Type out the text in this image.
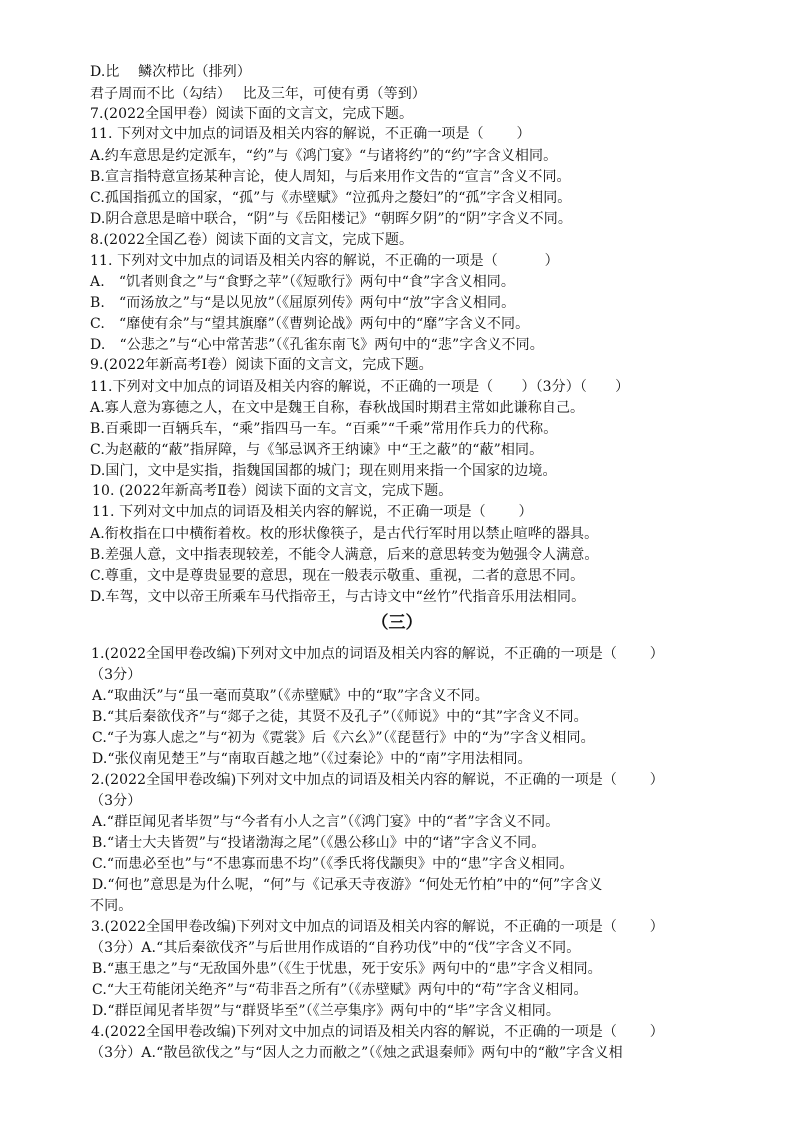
D.比　 鳞次栉比（排列）
君子周而不比（勾结）　 比及三年，可使有勇（等到）
7.(2022全国甲卷）阅读下面的文言文，完成下题。
11. 下列对文中加点的词语及相关内容的解说，不正确一项是（　　 ）
A.约车意思是约定派车，“约”与《鸿门宴》“与诸将约”的“约”字含义相同。
B.宣言指特意宣扬某种言论，使人周知，与后来用作文告的“宣言”含义不同。
C.孤国指孤立的国家，“孤”与《赤壁赋》“泣孤舟之嫠妇”的“孤”字含义相同。
D.阴合意思是暗中联合，“阴”与《岳阳楼记》“朝晖夕阴”的“阴”字含义不同。
8.(2022全国乙卷）阅读下面的文言文，完成下题。
11. 下列对文中加点的词语及相关内容的解说，不正确的一项是（　　　 ）
A.　“饥者则食之”与“食野之苹”（《短歌行》两句中“食”字含义相同。
B.　“而汤放之”与“是以见放”（《屈原列传》两句中“放”字含义相同。
C.　“靡使有余”与“望其旗靡”（《曹刿论战》两句中的“靡”字含义不同。
D.　“公悲之”与“心中常苦悲”（《孔雀东南飞》两句中的“悲”字含义不同。
9.(2022年新高考Ⅰ卷）阅读下面的文言文，完成下题。
11.下列对文中加点的词语及相关内容的解说，不正确的一项是（　　）（3分）（　　）
A.寡人意为寡德之人，在文中是魏王自称，春秋战国时期君主常如此谦称自己。
B.百乘即一百辆兵车，“乘”指四马一车。“百乘”“千乘”常用作兵力的代称。
C.为赵蔽的“蔽”指屏障，与《邹忌讽齐王纳谏》中“王之蔽”的“蔽”相同。
D.国门，文中是实指，指魏国国都的城门；现在则用来指一个国家的边境。
10. (2022年新高考Ⅱ卷）阅读下面的文言文，完成下题。
11. 下列对文中加点的词语及相关内容的解说，不正确一项是（　　 ）
A.衔枚指在口中横衔着枚。枚的形状像筷子，是古代行军时用以禁止喧哗的器具。
B.差强人意，文中指表现较差，不能令人满意，后来的意思转变为勉强令人满意。
C.尊重，文中是尊贵显要的意思，现在一般表示敬重、重视，二者的意思不同。
D.车驾，文中以帝王所乘车马代指帝王，与古诗文中“丝竹”代指音乐用法相同。
（三）
1.(2022全国甲卷改编)下列对文中加点的词语及相关内容的解说，不正确的一项是（　　 ）
（3分）
A.“取曲沃”与“虽一毫而莫取”（《赤壁赋》中的“取”字含义不同。
B.“其后秦欲伐齐”与“郯子之徒，其贤不及孔子”（《师说》中的“其”字含义不同。
C.“子为寡人虑之”与“初为《霓裳》后《六幺》”（《琵琶行》中的“为”字含义相同。
D.“张仪南见楚王”与“南取百越之地”（《过秦论》中的“南”字用法相同。
2.(2022全国甲卷改编)下列对文中加点的词语及相关内容的解说，不正确的一项是（　　 ）
（3分）
A.“群臣闻见者毕贺”与“今者有小人之言”（《鸿门宴》中的“者”字含义不同。
B.“诸士大夫皆贺”与“投诸渤海之尾”（《愚公移山》中的“诸”字含义不同。
C.“而患必至也”与“不患寡而患不均”（《季氏将伐颛臾》中的“患”字含义相同。
D.“何也”意思是为什么呢，“何”与《记承天寺夜游》“何处无竹柏”中的“何”字含义
不同。
3.(2022全国甲卷改编)下列对文中加点的词语及相关内容的解说，不正确的一项是（　　 ）
（3分）A.“其后秦欲伐齐”与后世用作成语的“自矜功伐”中的“伐”字含义不同。
B.“惠王患之”与“无敌国外患”（《生于忧患，死于安乐》两句中的“患”字含义相同。
C.“大王苟能闭关绝齐”与“苟非吾之所有”（《赤壁赋》两句中的“苟”字含义相同。
D.“群臣闻见者毕贺”与“群贤毕至”（《兰亭集序》两句中的“毕”字含义相同。
4.(2022全国甲卷改编)下列对文中加点的词语及相关内容的解说，不正确的一项是（　　 ）
（3分）A.“散邑欲伐之”与“因人之力而敝之”（《烛之武退秦师》两句中的“敝”字含义相
